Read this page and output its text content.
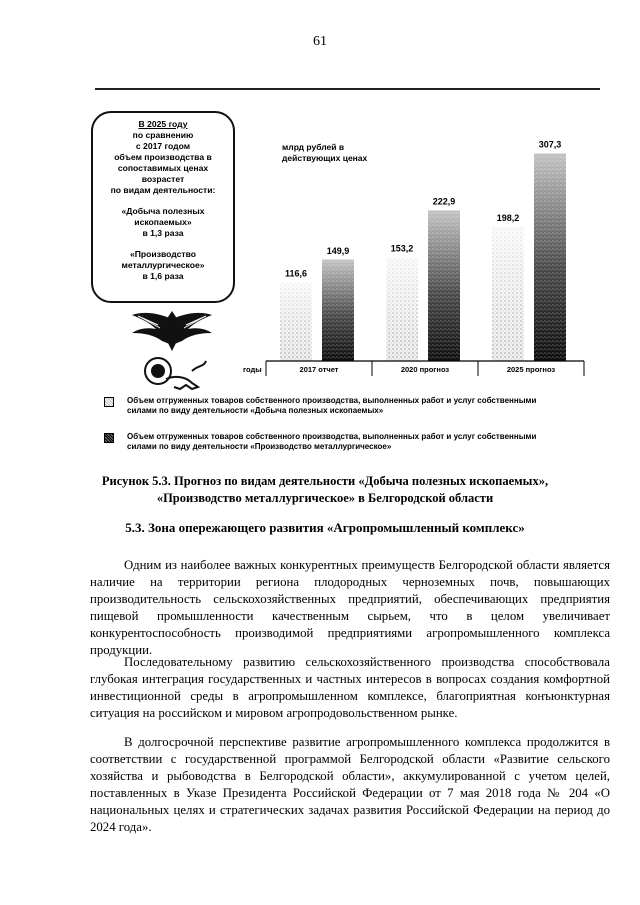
61

В 2025 году

по сравнению

с 2017 годом

объем производства в

сопоставимых ценах

возрастет

по видам деятельности:

«Добыча полезных

ископаемых»

в 1,3 раза

«Производство

металлургическое»

в 1,6 раза

млрд рублей в
действующих ценах
116,6
149,9
2017 отчет
153,2
222,9
2020 прогноз
198,2
307,3
2025 прогноз
годы
Объем отгруженных товаров собственного производства, выполненных работ и услуг собственными
силами по виду деятельности «Добыча полезных ископаемых»
Объем отгруженных товаров собственного производства, выполненных работ и услуг собственными
силами по виду деятельности «Производство металлургическое»
Рисунок 5.3. Прогноз по видам деятельности «Добыча полезных ископаемых»,
«Производство металлургическое» в Белгородской области
5.3. Зона опережающего развития «Агропромышленный комплекс»

Одним из наиболее важных конкурентных преимуществ Белгородской области является наличие на территории региона плодородных черноземных почв, повышающих производительность сельскохозяйственных предприятий, обеспечивающих предприятия пищевой промышленности качественным сырьем, что в целом увеличивает конкурентоспособность производимой предприятиями агропромышленного комплекса продукции.

Последовательному развитию сельскохозяйственного производства способствовала глубокая интеграция государственных и частных интересов в вопросах создания комфортной инвестиционной среды в агропромышленном комплексе, благоприятная конъюнктурная ситуация на российском и мировом агропродовольственном рынке.

В долгосрочной перспективе развитие агропромышленного комплекса продолжится в соответствии с государственной программой Белгородской области «Развитие сельского хозяйства и рыбоводства в Белгородской области», аккумулированной с учетом целей, поставленных в Указе Президента Российской Федерации от 7 мая 2018 года № 204 «О национальных целях и стратегических задачах развития Российской Федерации на период до 2024 года».
